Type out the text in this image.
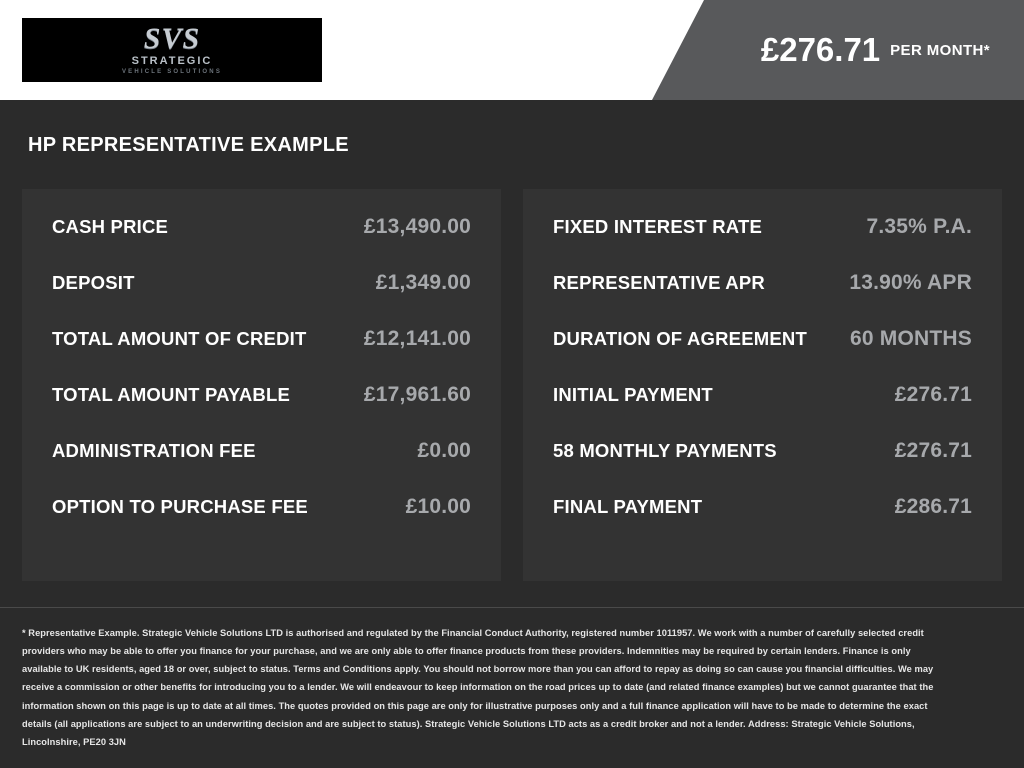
SVS
STRATEGIC
VEHICLE SOLUTIONS
£276.71 PER MONTH*
HP REPRESENTATIVE EXAMPLE
CASH PRICE	£13,490.00
DEPOSIT	£1,349.00
TOTAL AMOUNT OF CREDIT	£12,141.00
TOTAL AMOUNT PAYABLE	£17,961.60
ADMINISTRATION FEE	£0.00
OPTION TO PURCHASE FEE	£10.00
FIXED INTEREST RATE	7.35% P.A.
REPRESENTATIVE APR	13.90% APR
DURATION OF AGREEMENT 60 MONTHS
INITIAL PAYMENT	£276.71
58 MONTHLY PAYMENTS	£276.71
FINAL PAYMENT	£286.71

* Representative Example. Strategic Vehicle Solutions LTD is authorised and regulated by the Financial Conduct Authority, registered number 1011957. We work with a number of carefully selected credit providers who may be able to offer you finance for your purchase, and we are only able to offer finance products from these providers. Indemnities may be required by certain lenders. Finance is only available to UK residents, aged 18 or over, subject to status. Terms and Conditions apply. You should not borrow more than you can afford to repay as doing so can cause you financial difficulties. We may receive a commission or other benefits for introducing you to a lender. We will endeavour to keep information on the road prices up to date (and related finance examples) but we cannot guarantee that the information shown on this page is up to date at all times. The quotes provided on this page are only for illustrative purposes only and a full finance application will have to be made to determine the exact details (all applications are subject to an underwriting decision and are subject to status). Strategic Vehicle Solutions LTD acts as a credit broker and not a lender. Address: Strategic Vehicle Solutions, Lincolnshire, PE20 3JN
